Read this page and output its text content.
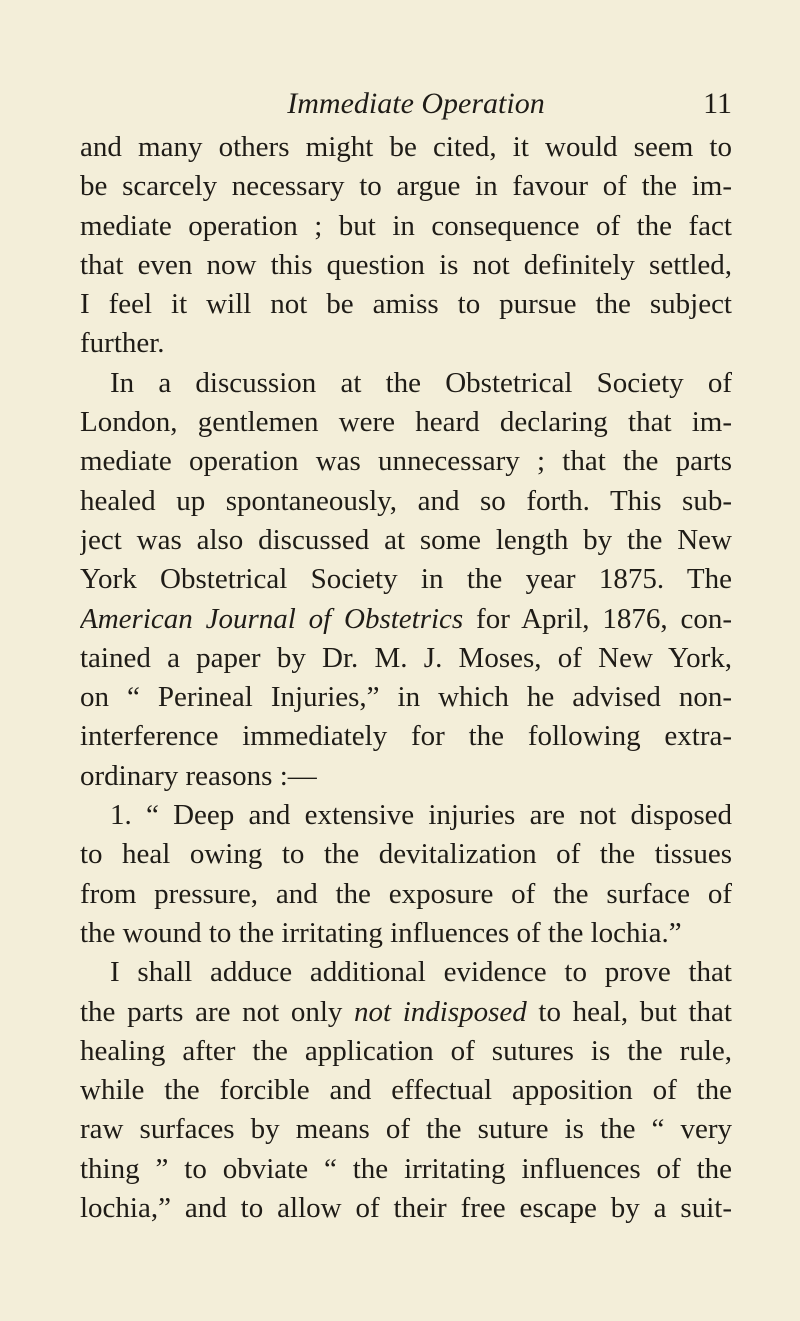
Immediate Operation	11
and many others might be cited, it would seem to
be scarcely necessary to argue in favour of the im-
mediate operation ; but in consequence of the fact
that even now this question is not definitely settled,
I feel it will not be amiss to pursue the subject
further.
In a discussion at the Obstetrical Society of
London, gentlemen were heard declaring that im-
mediate operation was unnecessary ; that the parts
healed up spontaneously, and so forth. This sub-
ject was also discussed at some length by the New
York Obstetrical Society in the year 1875. The
American Journal of Obstetrics for April, 1876, con-
tained a paper by Dr. M. J. Moses, of New York,
on “ Perineal Injuries,” in which he advised non-
interference immediately for the following extra-
ordinary reasons :—
1. “ Deep and extensive injuries are not disposed
to heal owing to the devitalization of the tissues
from pressure, and the exposure of the surface of
the wound to the irritating influences of the lochia.”
I shall adduce additional evidence to prove that
the parts are not only not indisposed to heal, but that
healing after the application of sutures is the rule,
while the forcible and effectual apposition of the
raw surfaces by means of the suture is the “ very
thing ” to obviate “ the irritating influences of the
lochia,” and to allow of their free escape by a suit-
